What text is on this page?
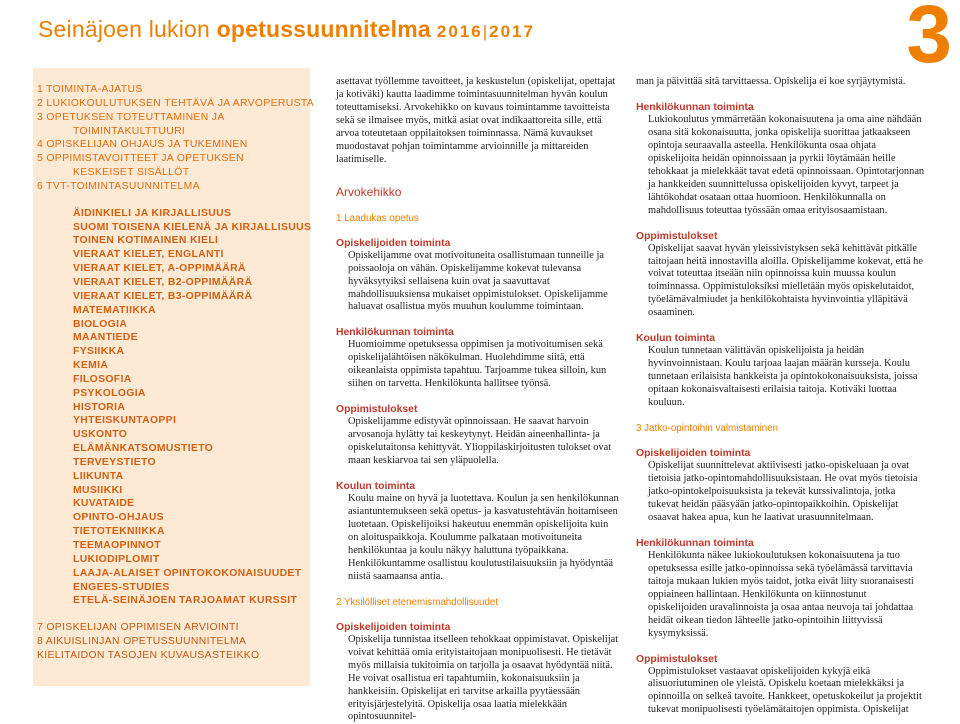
Seinäjoen lukion opetussuunnitelma 2016|2017	3
1 TOIMINTA-AJATUS
2 LUKIOKOULUTUKSEN TEHTÄVÄ JA ARVOPERUSTA
3 OPETUKSEN TOTEUTTAMINEN JA
TOIMINTAKULTTUURI
4 OPISKELIJAN OHJAUS JA TUKEMINEN
5 OPPIMISTAVOITTEET JA OPETUKSEN
KESKEISET SISÄLLÖT
6 TVT-TOIMINTASUUNNITELMA
ÄIDINKIELI JA KIRJALLISUUS
SUOMI TOISENA KIELENÄ JA KIRJALLISUUS
TOINEN KOTIMAINEN KIELI
VIERAAT KIELET, ENGLANTI
VIERAAT KIELET, A-OPPIMÄÄRÄ
VIERAAT KIELET, B2-OPPIMÄÄRÄ
VIERAAT KIELET, B3-OPPIMÄÄRÄ
MATEMATIIKKA
BIOLOGIA
MAANTIEDE
FYSIIKKA
KEMIA
FILOSOFIA
PSYKOLOGIA
HISTORIA
YHTEISKUNTAOPPI
USKONTO
ELÄMÄNKATSOMUSTIETO
TERVEYSTIETO
LIIKUNTA
MUSIIKKI
KUVATAIDE
OPINTO-OHJAUS
TIETOTEKNIIKKA
TEEMAOPINNOT
LUKIODIPLOMIT
LAAJA-ALAISET OPINTOKOKONAISUUDET
ENGEES-STUDIES
ETELÄ-SEINÄJOEN TARJOAMAT KURSSIT
7 OPISKELIJAN OPPIMISEN ARVIOINTI
8 AIKUISLINJAN OPETUSSUUNNITELMA
KIELITAIDON TASOJEN KUVAUSASTEIKKO

asettavat työllemme tavoitteet, ja keskustelun (opiskelijat, opettajat ja kotiväki) kautta laadimme toimintasuunnitelman hyvän koulun toteuttamiseksi. Arvokehikko on kuvaus toimintamme tavoitteista sekä se ilmaisee myös, mitkä asiat ovat indikaattoreita sille, että arvoa toteutetaan oppilaitoksen toiminnassa. Nämä kuvaukset muodostavat pohjan toimintamme arvioinnille ja mittareiden laatimiselle.

Arvokehikko
1 Laadukas opetus
Opiskelijoiden toiminta

Opiskelijamme ovat motivoituneita osallistumaan tunneille ja poissaoloja on vähän. Opiskelijamme kokevat tulevansa hyväksytyiksi sellaisena kuin ovat ja saavuttavat mahdollisuuksiensa mukaiset oppimistulokset. Opiskelijamme haluavat osallistua myös muuhun koulumme toimintaan.

Henkilökunnan toiminta

Huomioimme opetuksessa oppimisen ja motivoitumisen sekä opiskelijalähtöisen näkökulman. Huolehdimme siitä, että oikeanlaista oppimista tapahtuu. Tarjoamme tukea silloin, kun siihen on tarvetta. Henkilökunta hallitsee työnsä.

Oppimistulokset

Opiskelijamme edistyvät opinnoissaan. He saavat harvoin arvosanoja hylätty tai keskeytynyt. Heidän aineenhallinta- ja opiskelutaitonsa kehittyvät. Ylioppilaskirjoitusten tulokset ovat maan keskiarvoa tai sen yläpuolella.

Koulun toiminta

Koulu maine on hyvä ja luotettava. Koulun ja sen henkilökunnan asiantuntemukseen sekä opetus- ja kasvatustehtävän hoitamiseen luotetaan. Opiskelijoiksi hakeutuu enemmän opiskelijoita kuin on aloituspaikkoja. Koulumme palkataan motivoituneita henkilökuntaa ja koulu näkyy haluttuna työpaikkana. Henkilökuntamme osallistuu koulutustilaisuuksiin ja hyödyntää niistä saamaansa antia.

2 Yksilölliset etenemismahdollisuudet
Opiskelijoiden toiminta

Opiskelija tunnistaa itselleen tehokkaat oppimistavat. Opiskelijat voivat kehittää omia erityistaitojaan monipuolisesti. He tietävät myös millaisia tukitoimia on tarjolla ja osaavat hyödyntää niitä. He voivat osallistua eri tapahtumiin, kokonaisuuksiin ja hankkeisiin. Opiskelijat eri tarvitse arkailla pyytäessään erityisjärjestelyitä. Opiskelija osaa laatia mielekkään opintosuunnitel-

man ja päivittää sitä tarvittaessa. Opiskelija ei koe syrjäytymistä.

Henkilökunnan toiminta

Lukiokoulutus ymmärretään kokonaisuutena ja oma aine nähdään osana sitä kokonaisuutta, jonka opiskelija suorittaa jatkaakseen opintoja seuraavalla asteella. Henkilökunta osaa ohjata opiskelijoita heidän opinnoissaan ja pyrkii löytämään heille tehokkaat ja mielekkäät tavat edetä opinnoissaan. Opintotarjonnan ja hankkeiden suunnittelussa opiskelijoiden kyvyt, tarpeet ja lähtökohdat osataan ottaa huomioon. Henkilökunnalla on mahdollisuus toteuttaa työssään omaa erityisosaamistaan.

Oppimistulokset

Opiskelijat saavat hyvän yleissivistyksen sekä kehittävät pitkälle taitojaan heitä innostavilla aloilla. Opiskelijamme kokevat, että he voivat toteuttaa itseään niin opinnoissa kuin muussa koulun toiminnassa. Oppimistuloksiksi mielletään myös opiskelutaidot, työelämävalmiudet ja henkilökohtaista hyvinvointia ylläpitävä osaaminen.

Koulun toiminta

Koulun tunnetaan välittävän opiskelijoista ja heidän hyvinvoinnistaan. Koulu tarjoaa laajan määrän kursseja. Koulu tunnetaan erilaisista hankkeista ja opintokokonaisuuksista, joissa opitaan kokonaisvaltaisesti erilaisia taitoja. Kotiväki luottaa kouluun.

3 Jatko-opintoihin valmistaminen
Opiskelijoiden toiminta

Opiskelijat suunnittelevat aktiivisesti jatko-opiskeluaan ja ovat tietoisia jatko-opintomahdollisuuksistaan. He ovat myös tietoisia jatko-opintokelpoisuuksista ja tekevät kurssivalintoja, jotka tukevat heidän pääsyään jatko-opintopaikkoihin. Opiskelijat osaavat hakea apua, kun he laativat urasuunnitelmaan.

Henkilökunnan toiminta

Henkilökunta näkee lukiokoulutuksen kokonaisuutena ja tuo opetuksessa esille jatko-opinnoissa sekä työelämässä tarvittavia taitoja mukaan lukien myös taidot, jotka eivät liity suoranaisesti oppiaineen hallintaan. Henkilökunta on kiinnostunut opiskelijoiden uravalinnoista ja osaa antaa neuvoja tai johdattaa heidät oikean tiedon lähteelle jatko-opintoihin liittyvissä kysymyksissä.

Oppimistulokset

Oppimistulokset vastaavat opiskelijoiden kykyjä eikä alisuoriutuminen ole yleistä. Opiskelu koetaan mielekkäksi ja opinnoilla on selkeä tavoite. Hankkeet, opetuskokeilut ja projektit tukevat monipuolisesti työelämätaitojen oppimista. Opiskelijat
